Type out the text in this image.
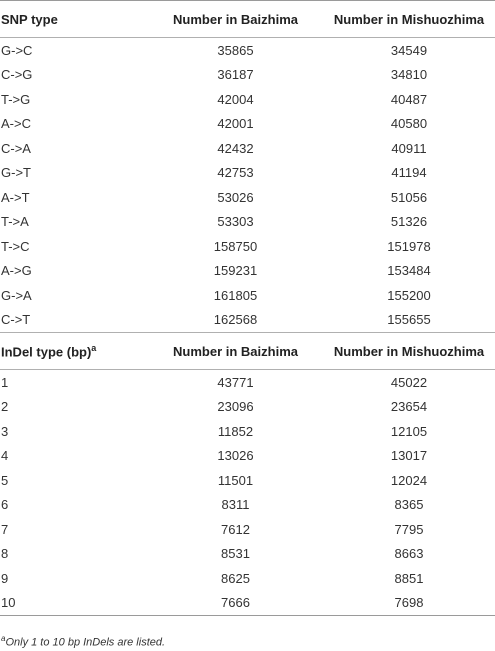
SNP type	Number in Baizhima	Number in Mishuozhima
G->C	35865	34549
C->G	36187	34810
T->G	42004	40487
A->C	42001	40580
C->A	42432	40911
G->T	42753	41194
A->T	53026	51056
T->A	53303	51326
T->C	158750	151978
A->G	159231	153484
G->A	161805	155200
C->T	162568	155655
InDel type (bp)$^a$	Number in Baizhima	Number in Mishuozhima
1	43771	45022
2	23096	23654
3	11852	12105
4	13026	13017
5	11501	12024
6	8311	8365
7	7612	7795
8	8531	8663
9	8625	8851
10	7666	7698
$^a$Only 1 to 10 bp InDels are listed.
